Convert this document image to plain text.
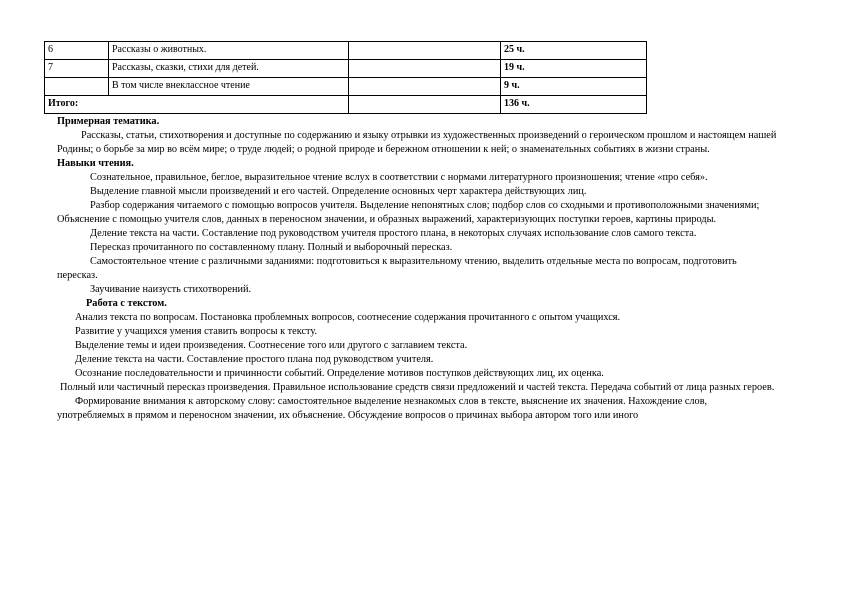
6	Рассказы о животных.		25 ч.
7	Рассказы, сказки, стихи для детей.		19 ч.
	В том числе внеклассное чтение		9 ч.
Итого:			136 ч.

Примерная тематика.

Рассказы, статьи, стихотворения и доступные по содержанию и языку отрывки из художественных произведений о героическом прошлом и настоящем нашей Родины; о борьбе за мир во всём мире; о труде людей; о родной природе и бережном отношении к ней; о знаменательных событиях в жизни страны.

Навыки чтения.

Сознательное, правильное, беглое, выразительное чтение вслух в соответствии с нормами литературного произношения; чтение «про себя».

Выделение главной мысли произведений и его частей. Определение основных черт характера действующих лиц.

Разбор содержания читаемого с помощью вопросов учителя. Выделение непонятных слов; подбор слов со сходными и противоположными значениями; Объяснение с помощью учителя слов, данных в переносном значении, и образных выражений, характеризующих поступки героев, картины природы.

Деление текста на части. Составление под руководством учителя простого плана, в некоторых случаях использование слов самого текста.

Пересказ прочитанного по составленному плану. Полный и выборочный пересказ.

Самостоятельное чтение с различными заданиями: подготовиться к выразительному чтению, выделить отдельные места по вопросам, подготовить пересказ.

Заучивание наизусть стихотворений.

Работа с текстом.

Анализ текста по вопросам. Постановка проблемных вопросов, соотнесение содержания прочитанного с опытом учащихся.

Развитие у учащихся умения ставить вопросы к тексту.

Выделение темы и идеи произведения. Соотнесение того или другого с заглавием текста.

Деление текста на части. Составление простого плана под руководством учителя.

Осознание последовательности и причинности событий. Определение мотивов поступков действующих лиц, их оценка.

Полный или частичный пересказ произведения. Правильное использование средств связи предложений и частей текста. Передача событий от лица разных героев.

Формирование внимания к авторскому слову: самостоятельное выделение незнакомых слов в тексте, выяснение их значения. Нахождение слов, употребляемых в прямом и переносном значении, их объяснение. Обсуждение вопросов о причинах выбора автором того или иного
